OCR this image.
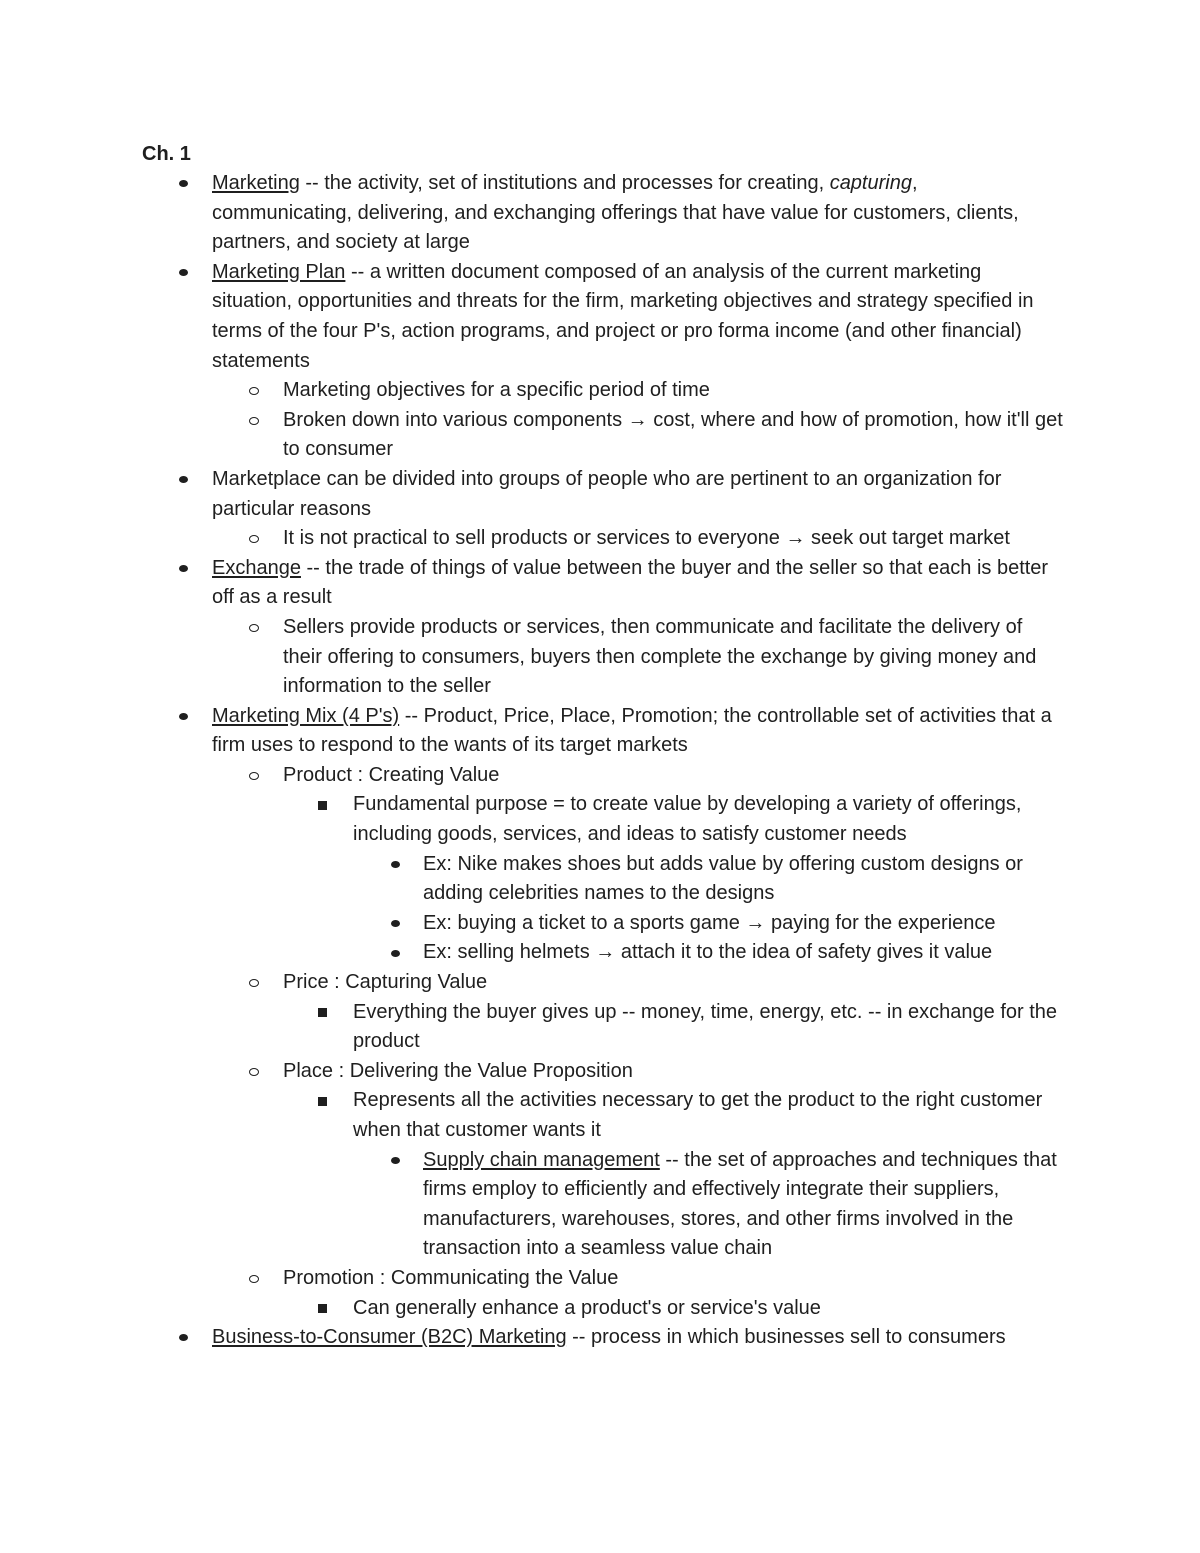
Ch. 1
Marketing -- the activity, set of institutions and processes for creating, capturing, communicating, delivering, and exchanging offerings that have value for customers, clients, partners, and society at large
Marketing Plan -- a written document composed of an analysis of the current marketing situation, opportunities and threats for the firm, marketing objectives and strategy specified in terms of the four P's, action programs, and project or pro forma income (and other financial) statements
Marketing objectives for a specific period of time
Broken down into various components → cost, where and how of promotion, how it'll get to consumer
Marketplace can be divided into groups of people who are pertinent to an organization for particular reasons
It is not practical to sell products or services to everyone → seek out target market
Exchange -- the trade of things of value between the buyer and the seller so that each is better off as a result
Sellers provide products or services, then communicate and facilitate the delivery of their offering to consumers, buyers then complete the exchange by giving money and information to the seller
Marketing Mix (4 P's) -- Product, Price, Place, Promotion; the controllable set of activities that a firm uses to respond to the wants of its target markets
Product : Creating Value
Fundamental purpose = to create value by developing a variety of offerings, including goods, services, and ideas to satisfy customer needs
Ex: Nike makes shoes but adds value by offering custom designs or adding celebrities names to the designs
Ex: buying a ticket to a sports game → paying for the experience
Ex: selling helmets → attach it to the idea of safety gives it value
Price : Capturing Value
Everything the buyer gives up -- money, time, energy, etc. -- in exchange for the product
Place : Delivering the Value Proposition
Represents all the activities necessary to get the product to the right customer when that customer wants it
Supply chain management -- the set of approaches and techniques that firms employ to efficiently and effectively integrate their suppliers, manufacturers, warehouses, stores, and other firms involved in the transaction into a seamless value chain
Promotion : Communicating the Value
Can generally enhance a product's or service's value
Business-to-Consumer (B2C) Marketing -- process in which businesses sell to consumers
